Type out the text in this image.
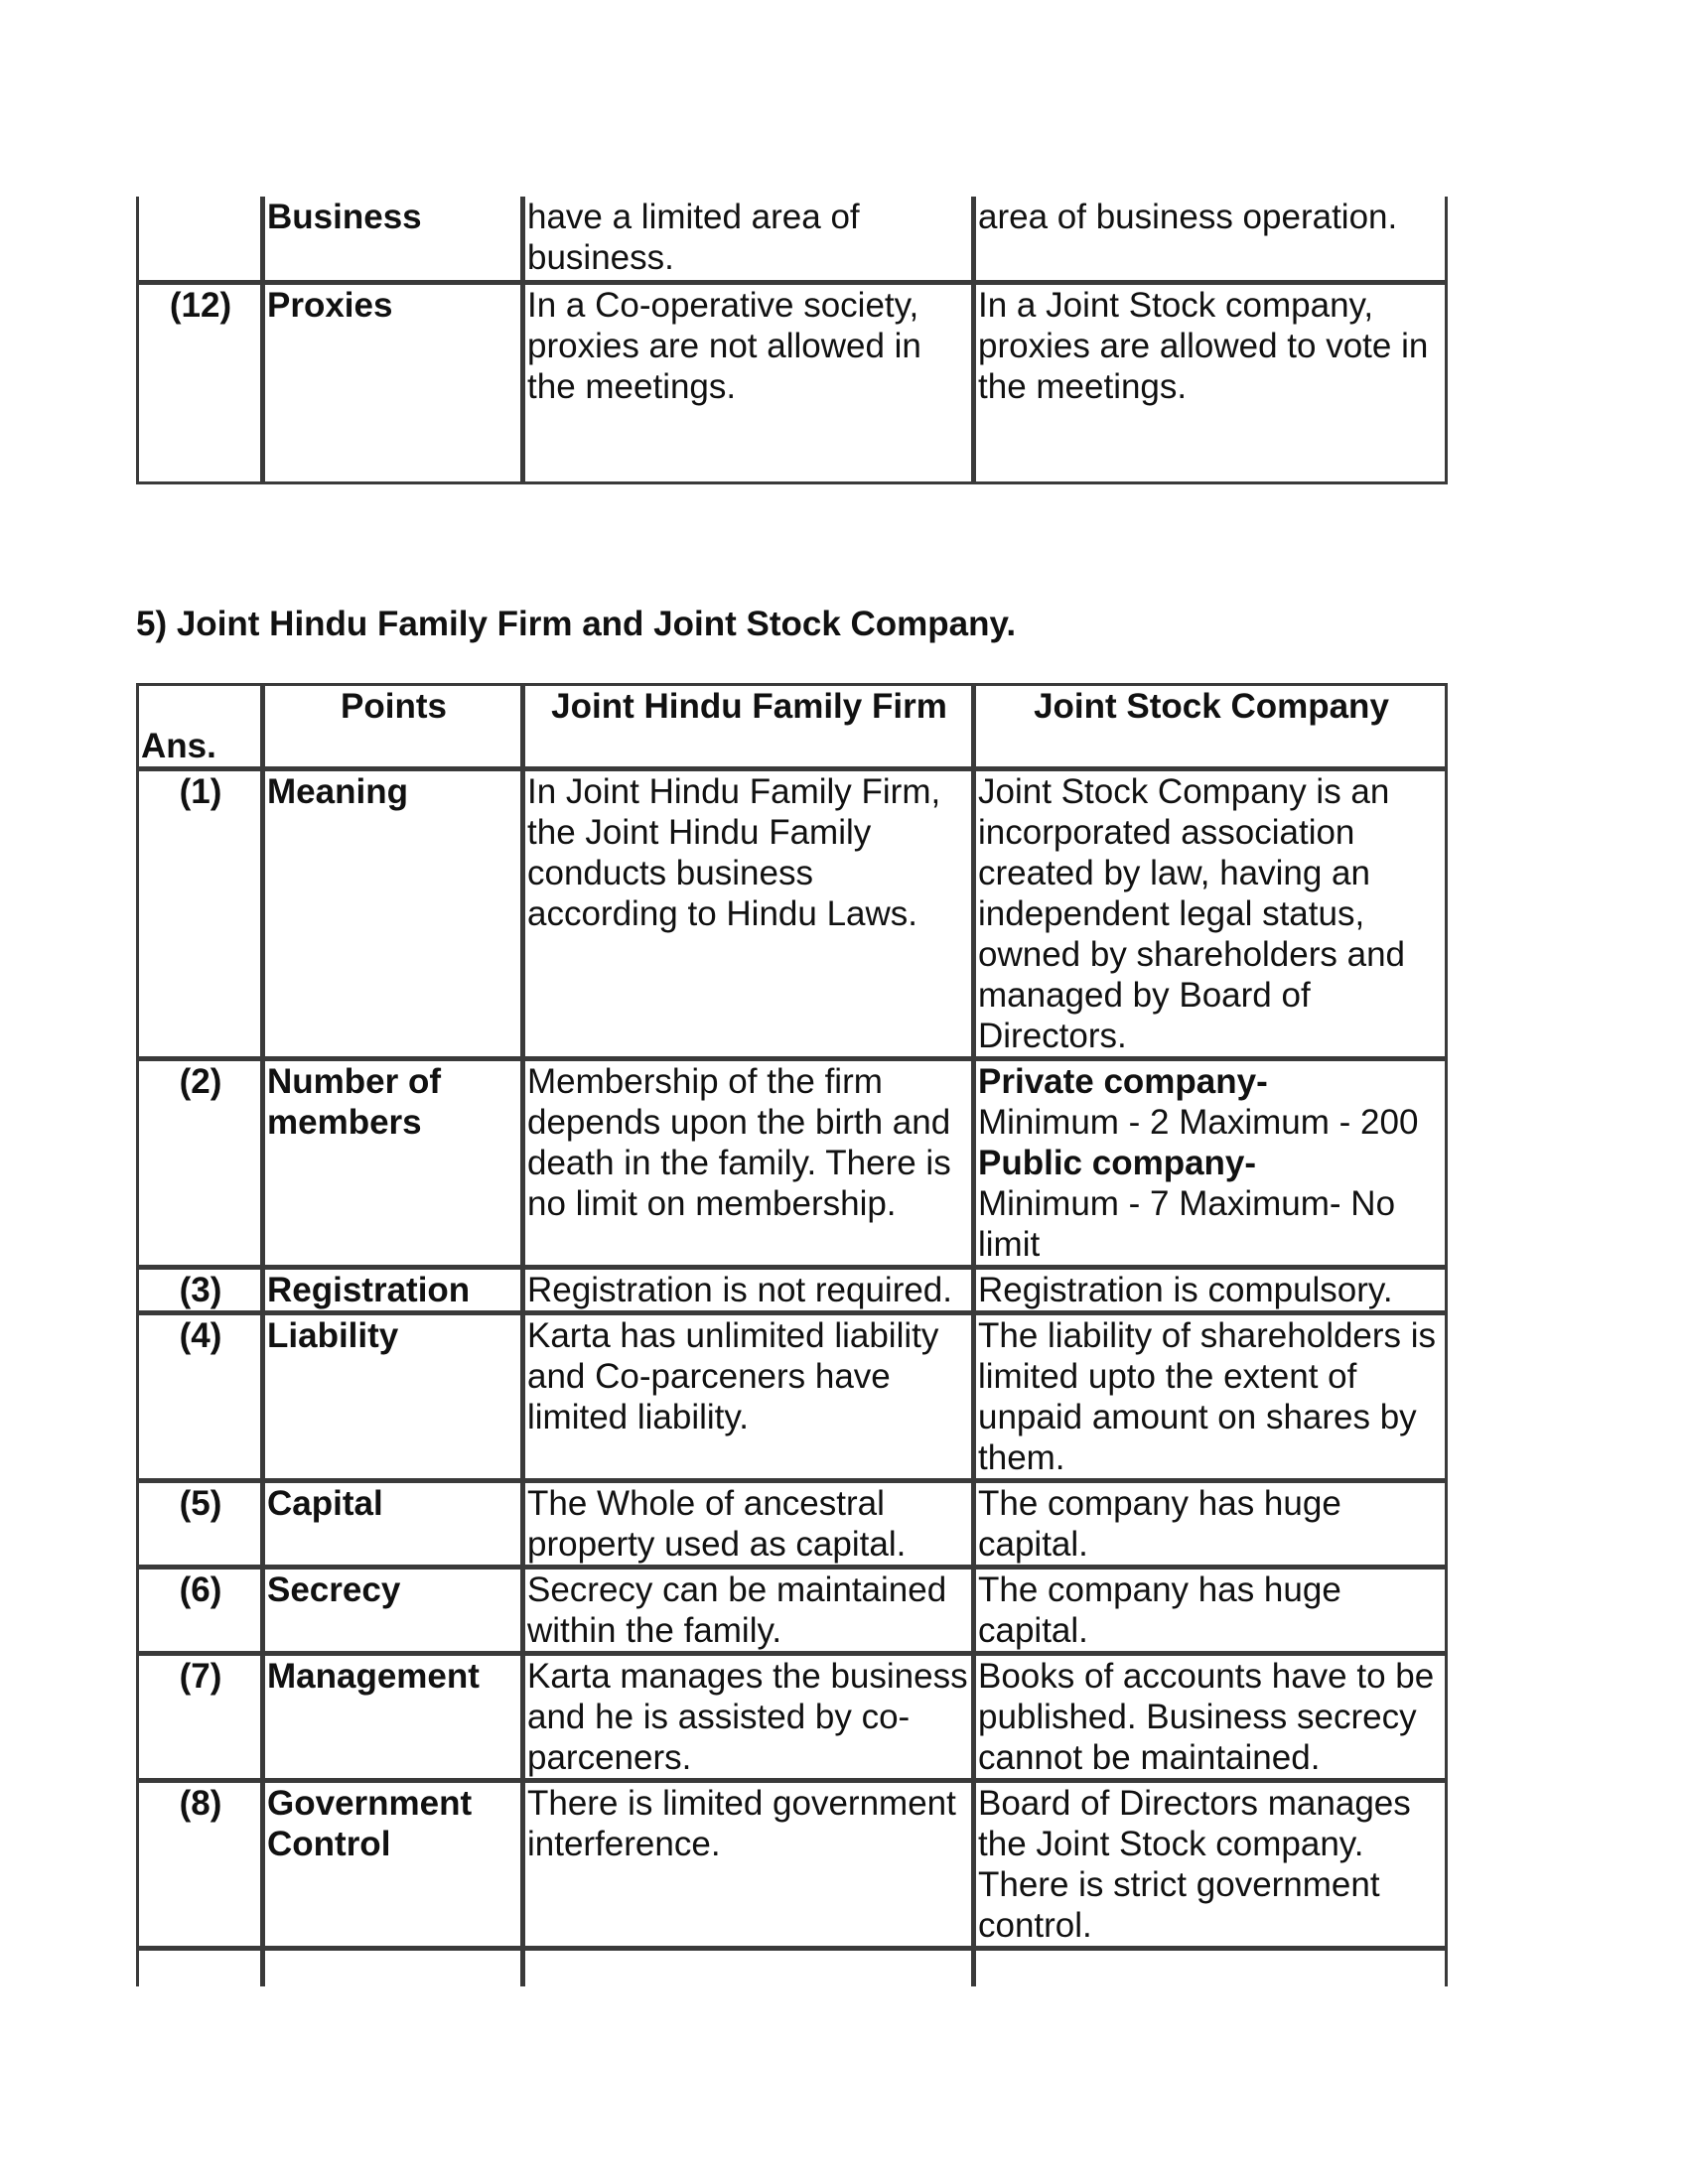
	Business	have a limited area of business.	area of business operation.
(12)	Proxies	In a Co-operative society, proxies are not allowed in the meetings.	In a Joint Stock company, proxies are allowed to vote in the meetings.
5) Joint Hindu Family Firm and Joint Stock Company.
Ans.	Points	Joint Hindu Family Firm	Joint Stock Company
(1)	Meaning	In Joint Hindu Family Firm, the Joint Hindu Family conducts business according to Hindu Laws.	Joint Stock Company is an incorporated association created by law, having an independent legal status, owned by shareholders and managed by Board of Directors.
(2)	Number of members	Membership of the firm depends upon the birth and death in the family. There is no limit on membership.	Private company-
Minimum - 2 Maximum - 200
Public company-
Minimum - 7 Maximum- No limit

(3)	Registration	Registration is not required.	Registration is compulsory.
(4)	Liability	Karta has unlimited liability and Co-parceners have limited liability.	The liability of shareholders is limited upto the extent of unpaid amount on shares by them.
(5)	Capital	The Whole of ancestral property used as capital.	The company has huge capital.
(6)	Secrecy	Secrecy can be maintained within the family.	The company has huge capital.
(7)	Management	Karta manages the business and he is assisted by co-parceners.	Books of accounts have to be published. Business secrecy cannot be maintained.
(8)	Government Control	There is limited government interference.	Board of Directors manages the Joint Stock company. There is strict government control.
